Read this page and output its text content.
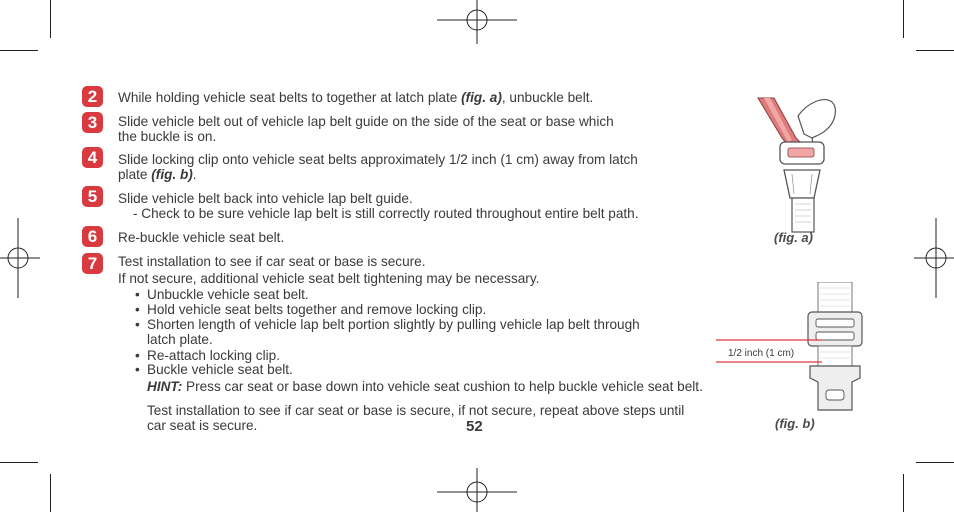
2	While holding vehicle seat belts to together at latch plate (fig. a), unbuckle belt.
3	Slide vehicle belt out of vehicle lap belt guide on the side of the seat or base which
the buckle is on.
4	Slide locking clip onto vehicle seat belts approximately 1/2 inch (1 cm) away from latch
plate (fig. b).
5	Slide vehicle belt back into vehicle lap belt guide.
- Check to be sure vehicle lap belt is still correctly routed throughout entire belt path.
6	Re-buckle vehicle seat belt.
7	Test installation to see if car seat or base is secure.
If not secure, additional vehicle seat belt tightening may be necessary.
• Unbuckle vehicle seat belt.
• Hold vehicle seat belts together and remove locking clip.
• Shorten length of vehicle lap belt portion slightly by pulling vehicle lap belt through
latch plate.
• Re-attach locking clip.
• Buckle vehicle seat belt.
HINT: Press car seat or base down into vehicle seat cushion to help buckle vehicle seat belt.
Test installation to see if car seat or base is secure, if not secure, repeat above steps until
car seat is secure.	52
(fig. a)
1/2 inch (1 cm)
(fig. b)
